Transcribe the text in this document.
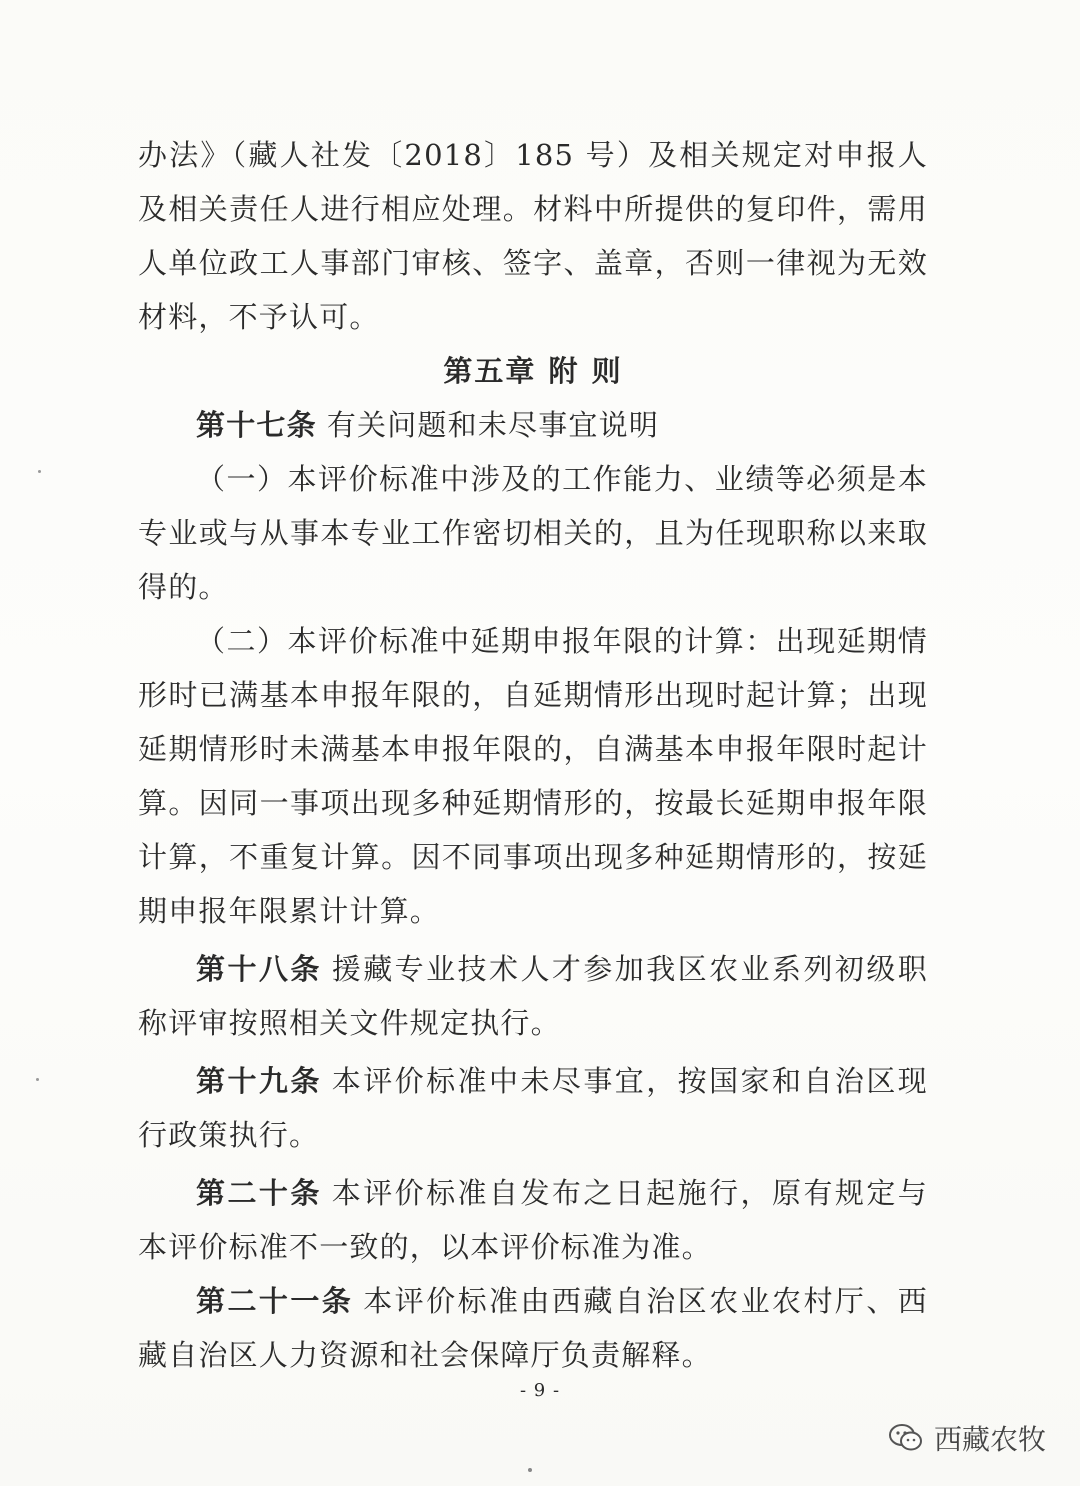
办法》（藏人社发〔2018〕185 号）及相关规定对申报人及相关责任人进行相应处理。材料中所提供的复印件，需用人单位政工人事部门审核、签字、盖章，否则一律视为无效材料，不予认可。

第五章 附 则

第十七条 有关问题和未尽事宜说明

（一）本评价标准中涉及的工作能力、业绩等必须是本专业或与从事本专业工作密切相关的，且为任现职称以来取得的。

（二）本评价标准中延期申报年限的计算：出现延期情形时已满基本申报年限的，自延期情形出现时起计算；出现延期情形时未满基本申报年限的，自满基本申报年限时起计算。因同一事项出现多种延期情形的，按最长延期申报年限计算，不重复计算。因不同事项出现多种延期情形的，按延期申报年限累计计算。

第十八条 援藏专业技术人才参加我区农业系列初级职称评审按照相关文件规定执行。

第十九条 本评价标准中未尽事宜，按国家和自治区现行政策执行。

第二十条 本评价标准自发布之日起施行，原有规定与本评价标准不一致的，以本评价标准为准。

第二十一条 本评价标准由西藏自治区农业农村厅、西藏自治区人力资源和社会保障厅负责解释。

- 9 -
西藏农牧
